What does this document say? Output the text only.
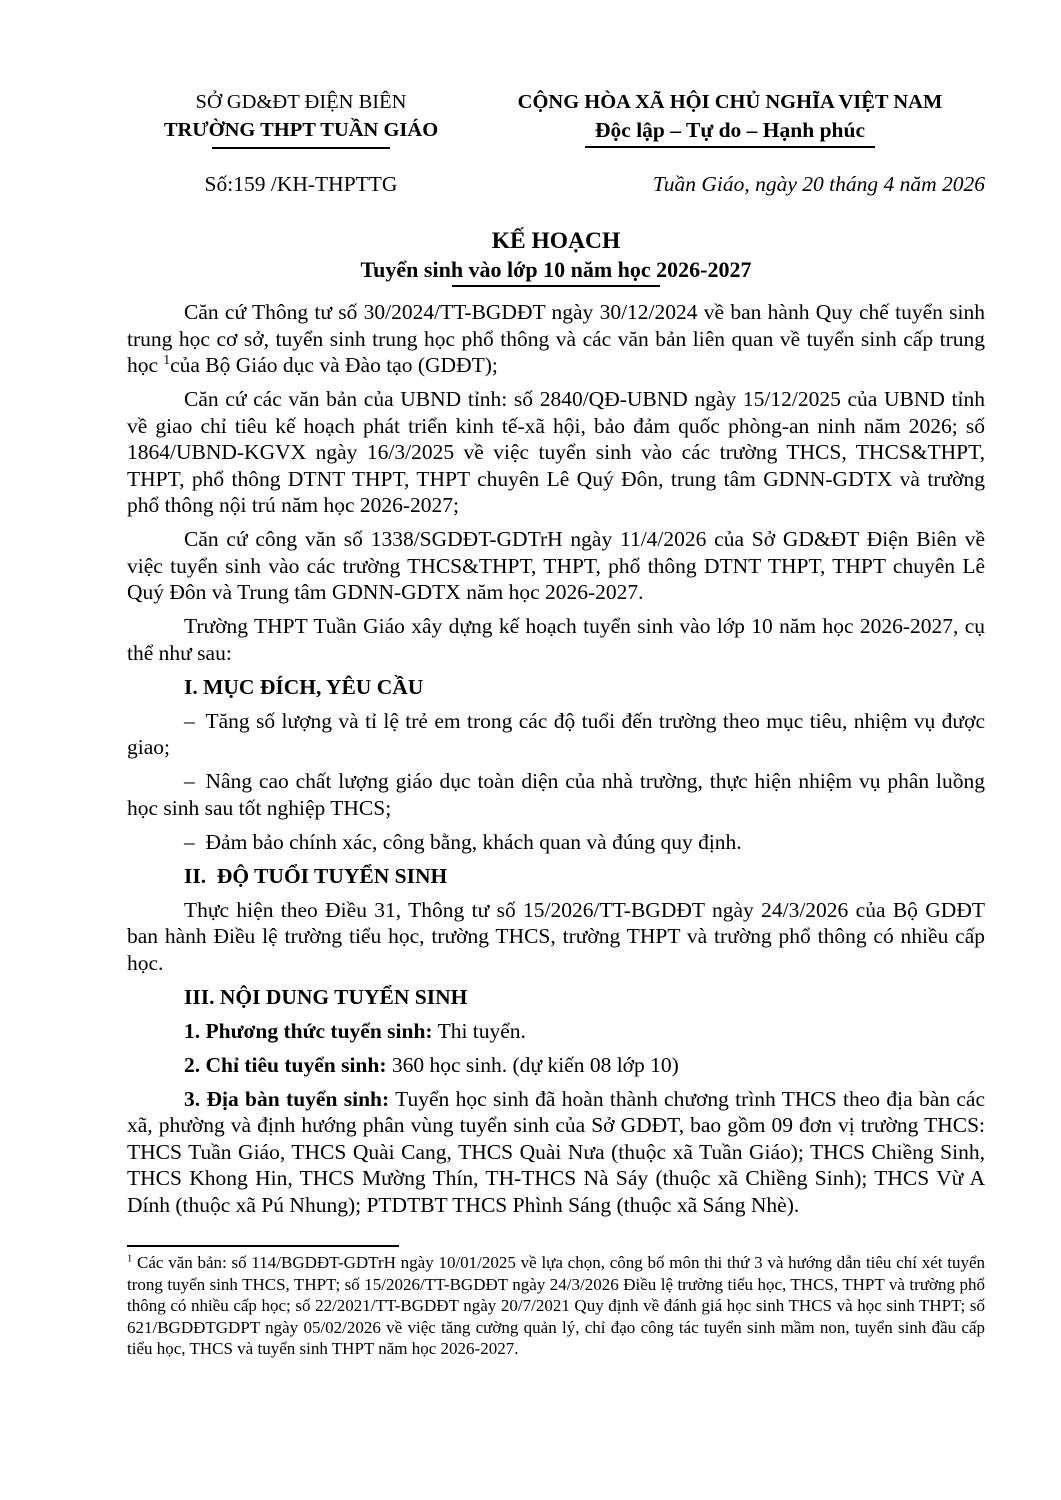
SỞ GD&ĐT ĐIỆN BIÊN
TRƯỜNG THPT TUẦN GIÁO
CỘNG HÒA XÃ HỘI CHỦ NGHĨA VIỆT NAM
Độc lập – Tự do – Hạnh phúc
Số:159 /KH-THPTTG	Tuần Giáo, ngày 20 tháng 4 năm 2026
KẾ HOẠCH
Tuyển sinh vào lớp 10 năm học 2026-2027

Căn cứ Thông tư số 30/2024/TT-BGDĐT ngày 30/12/2024 về ban hành Quy chế tuyển sinh trung học cơ sở, tuyển sinh trung học phổ thông và các văn bản liên quan về tuyển sinh cấp trung học $^1$của Bộ Giáo dục và Đào tạo (GDĐT);

Căn cứ các văn bản của UBND tỉnh: số 2840/QĐ-UBND ngày 15/12/2025 của UBND tỉnh về giao chỉ tiêu kế hoạch phát triển kinh tế-xã hội, bảo đảm quốc phòng-an ninh năm 2026; số 1864/UBND-KGVX ngày 16/3/2025 về việc tuyển sinh vào các trường THCS, THCS&THPT, THPT, phổ thông DTNT THPT, THPT chuyên Lê Quý Đôn, trung tâm GDNN-GDTX và trường phổ thông nội trú năm học 2026-2027;

Căn cứ công văn số 1338/SGDĐT-GDTrH ngày 11/4/2026 của Sở GD&ĐT Điện Biên về việc tuyển sinh vào các trường THCS&THPT, THPT, phổ thông DTNT THPT, THPT chuyên Lê Quý Đôn và Trung tâm GDNN-GDTX năm học 2026-2027.

Trường THPT Tuần Giáo xây dựng kế hoạch tuyển sinh vào lớp 10 năm học 2026-2027, cụ thể như sau:

I. MỤC ĐÍCH, YÊU CẦU

– Tăng số lượng và tỉ lệ trẻ em trong các độ tuổi đến trường theo mục tiêu, nhiệm vụ được giao;

– Nâng cao chất lượng giáo dục toàn diện của nhà trường, thực hiện nhiệm vụ phân luồng học sinh sau tốt nghiệp THCS;

– Đảm bảo chính xác, công bằng, khách quan và đúng quy định.

II. ĐỘ TUỔI TUYỂN SINH

Thực hiện theo Điều 31, Thông tư số 15/2026/TT-BGDĐT ngày 24/3/2026 của Bộ GDĐT ban hành Điều lệ trường tiểu học, trường THCS, trường THPT và trường phổ thông có nhiều cấp học.

III. NỘI DUNG TUYỂN SINH

1. Phương thức tuyển sinh: Thi tuyển.

2. Chỉ tiêu tuyển sinh: 360 học sinh. (dự kiến 08 lớp 10)

3. Địa bàn tuyển sinh: Tuyển học sinh đã hoàn thành chương trình THCS theo địa bàn các xã, phường và định hướng phân vùng tuyển sinh của Sở GDĐT, bao gồm 09 đơn vị trường THCS: THCS Tuần Giáo, THCS Quài Cang, THCS Quài Nưa (thuộc xã Tuần Giáo); THCS Chiềng Sinh, THCS Khong Hin, THCS Mường Thín, TH-THCS Nà Sáy (thuộc xã Chiềng Sinh); THCS Vừ A Dính (thuộc xã Pú Nhung); PTDTBT THCS Phình Sáng (thuộc xã Sáng Nhè).

$^1$ Các văn bản: số 114/BGDĐT-GDTrH ngày 10/01/2025 về lựa chọn, công bố môn thi thứ 3 và hướng dẫn tiêu chí xét tuyển trong tuyển sinh THCS, THPT; số 15/2026/TT-BGDĐT ngày 24/3/2026 Điều lệ trường tiểu học, THCS, THPT và trường phổ thông có nhiều cấp học; số 22/2021/TT-BGDĐT ngày 20/7/2021 Quy định về đánh giá học sinh THCS và học sinh THPT; số 621/BGDĐTGDPT ngày 05/02/2026 về việc tăng cường quản lý, chỉ đạo công tác tuyển sinh mầm non, tuyển sinh đầu cấp tiểu học, THCS và tuyển sinh THPT năm học 2026-2027.
